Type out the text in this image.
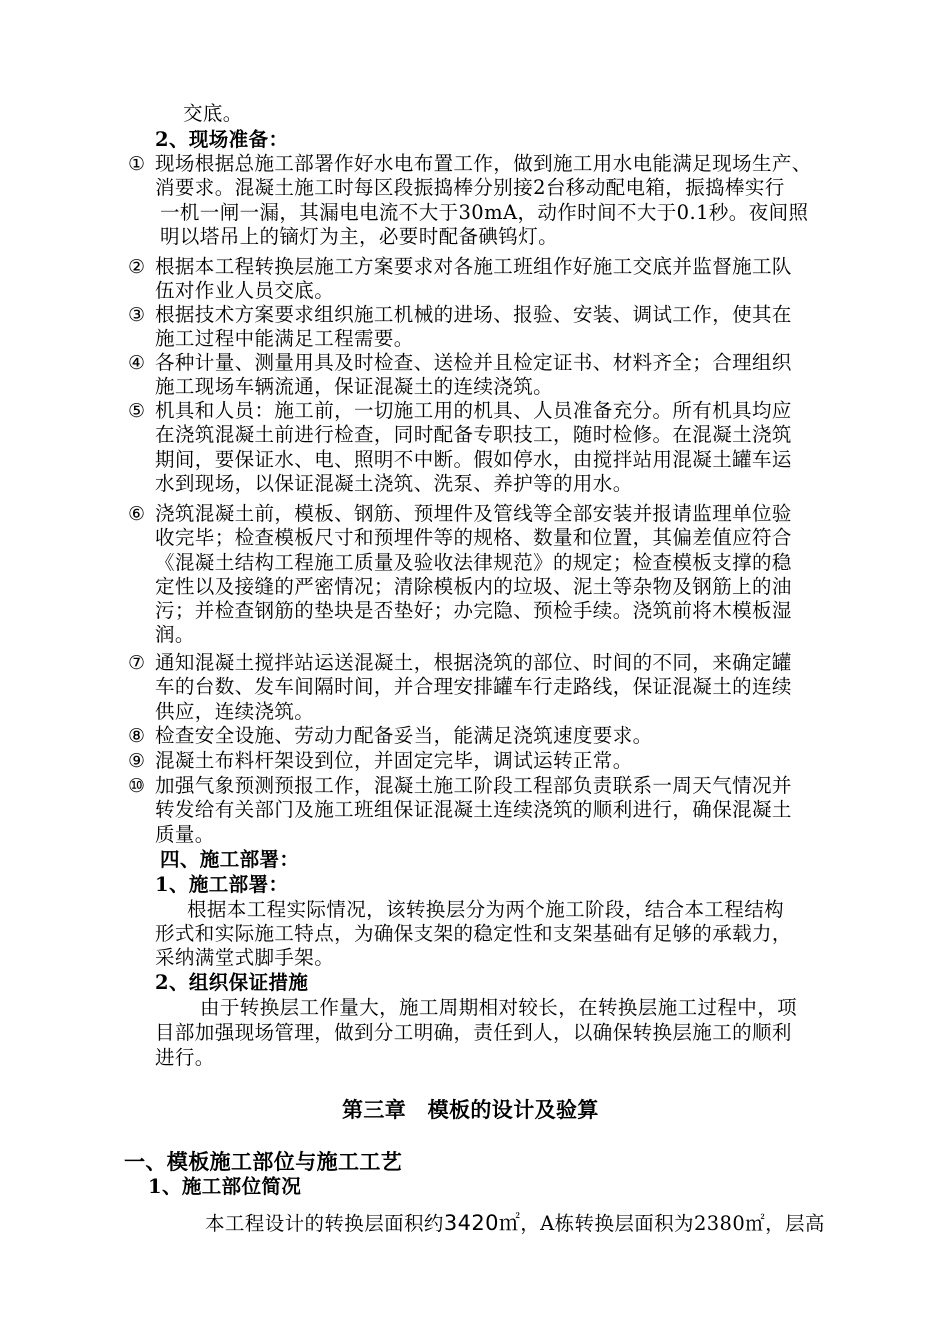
交底。
2、现场准备：
① 现场根据总施工部署作好水电布置工作，做到施工用水电能满足现场生产、
消要求。混凝土施工时每区段振捣棒分别接2台移动配电箱，振捣棒实行
一机一闸一漏，其漏电电流不大于30mA，动作时间不大于0.1秒。夜间照
明以塔吊上的镝灯为主，必要时配备碘钨灯。
② 根据本工程转换层施工方案要求对各施工班组作好施工交底并监督施工队
伍对作业人员交底。
③ 根据技术方案要求组织施工机械的进场、报验、安装、调试工作，使其在
施工过程中能满足工程需要。
④ 各种计量、测量用具及时检查、送检并且检定证书、材料齐全；合理组织
施工现场车辆流通，保证混凝土的连续浇筑。
⑤ 机具和人员：施工前，一切施工用的机具、人员准备充分。所有机具均应
在浇筑混凝土前进行检查，同时配备专职技工，随时检修。在混凝土浇筑
期间，要保证水、电、照明不中断。假如停水，由搅拌站用混凝土罐车运
水到现场，以保证混凝土浇筑、洗泵、养护等的用水。
⑥ 浇筑混凝土前，模板、钢筋、预埋件及管线等全部安装并报请监理单位验
收完毕；检查模板尺寸和预埋件等的规格、数量和位置，其偏差值应符合
《混凝土结构工程施工质量及验收法律规范》的规定；检查模板支撑的稳
定性以及接缝的严密情况；清除模板内的垃圾、泥土等杂物及钢筋上的油
污；并检查钢筋的垫块是否垫好；办完隐、预检手续。浇筑前将木模板湿
润。
⑦ 通知混凝土搅拌站运送混凝土，根据浇筑的部位、时间的不同，来确定罐
车的台数、发车间隔时间，并合理安排罐车行走路线，保证混凝土的连续
供应，连续浇筑。
⑧ 检查安全设施、劳动力配备妥当，能满足浇筑速度要求。
⑨ 混凝土布料杆架设到位，并固定完毕，调试运转正常。
⑩ 加强气象预测预报工作，混凝土施工阶段工程部负责联系一周天气情况并
转发给有关部门及施工班组保证混凝土连续浇筑的顺利进行，确保混凝土
质量。
四、施工部署：
1、施工部署：
根据本工程实际情况，该转换层分为两个施工阶段，结合本工程结构
形式和实际施工特点，为确保支架的稳定性和支架基础有足够的承载力，
采纳满堂式脚手架。
2、组织保证措施
由于转换层工作量大，施工周期相对较长，在转换层施工过程中，项
目部加强现场管理，做到分工明确，责任到人，以确保转换层施工的顺利
进行。
第三章　模板的设计及验算
一、模板施工部位与施工工艺
1、施工部位简况
本工程设计的转换层面积约3420㎡，A栋转换层面积为2380㎡，层高
